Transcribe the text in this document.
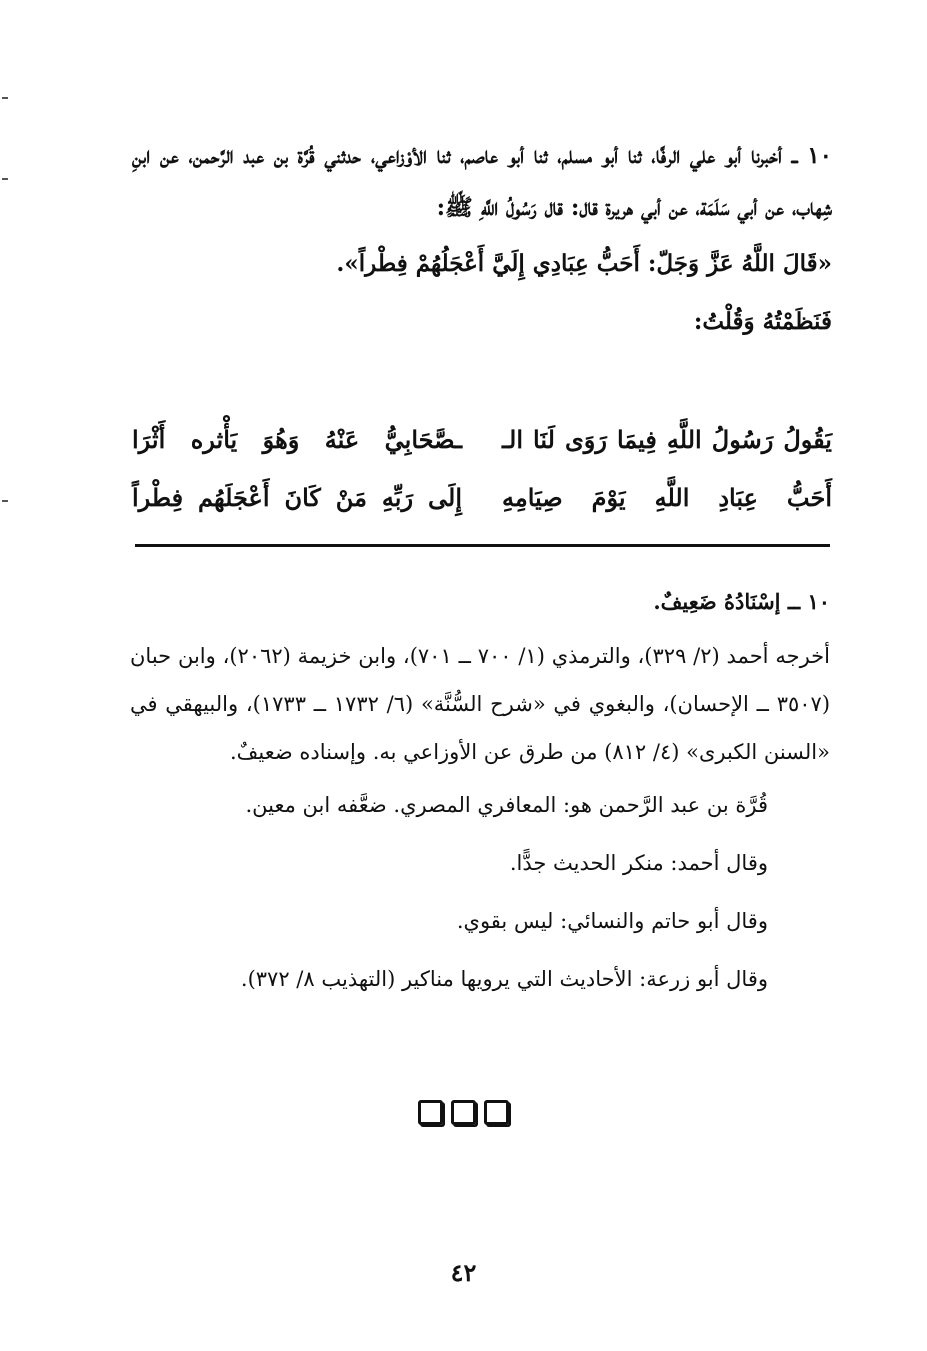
١٠ ــ أخبرنا أبو علي الرفَّا، ثنا أبو مسلم، ثنا أبو عاصم، ثنا الأوْزاعي، حدثني قُرَّة بن عبد الرَّحمن، عن ابنِ شِهاب، عن أبي سَلَمَة، عن أبي هريرة قال: قال رَسُولُ اللَّهِ ﷺ:

«قَالَ اللَّهُ عَزَّ وَجَلّ: أَحَبُّ عِبَادِي إِلَيَّ أَعْجَلُهُمْ فِطْراً».

فَنَظَمْتُهُ وَقُلْتُ:

يَقُولُ رَسُولُ اللَّهِ فِيمَا رَوَى لَنَا الـ
ـصَّحَابِيُّ عَنْهُ وَهُوَ يَأْثره أَثْرَا
أَحَبُّ عِبَادِ اللَّهِ يَوْمَ صِيَامِهِ
إِلَى رَبِّهِ مَنْ كَانَ أَعْجَلَهُم فِطْراً

١٠ ــ إسْنَادُهُ ضَعِيفٌ.

أخرجه أحمد (٢/ ٣٢٩)، والترمذي (١/ ٧٠٠ ــ ٧٠١)، وابن خزيمة (٢٠٦٢)، وابن حبان (٣٥٠٧ ــ الإحسان)، والبغوي في «شرح السُّنَّة» (٦/ ١٧٣٢ ــ ١٧٣٣)، والبيهقي في «السنن الكبرى» (٤/ ٨١٢) من طرق عن الأوزاعي به. وإسناده ضعيفٌ.

قُرَّة بن عبد الرَّحمن هو: المعافري المصري. ضعَّفه ابن معين.

وقال أحمد: منكر الحديث جدًّا.

وقال أبو حاتم والنسائي: ليس بقوي.

وقال أبو زرعة: الأحاديث التي يرويها مناكير (التهذيب ٨/ ٣٧٢).

٤٢
